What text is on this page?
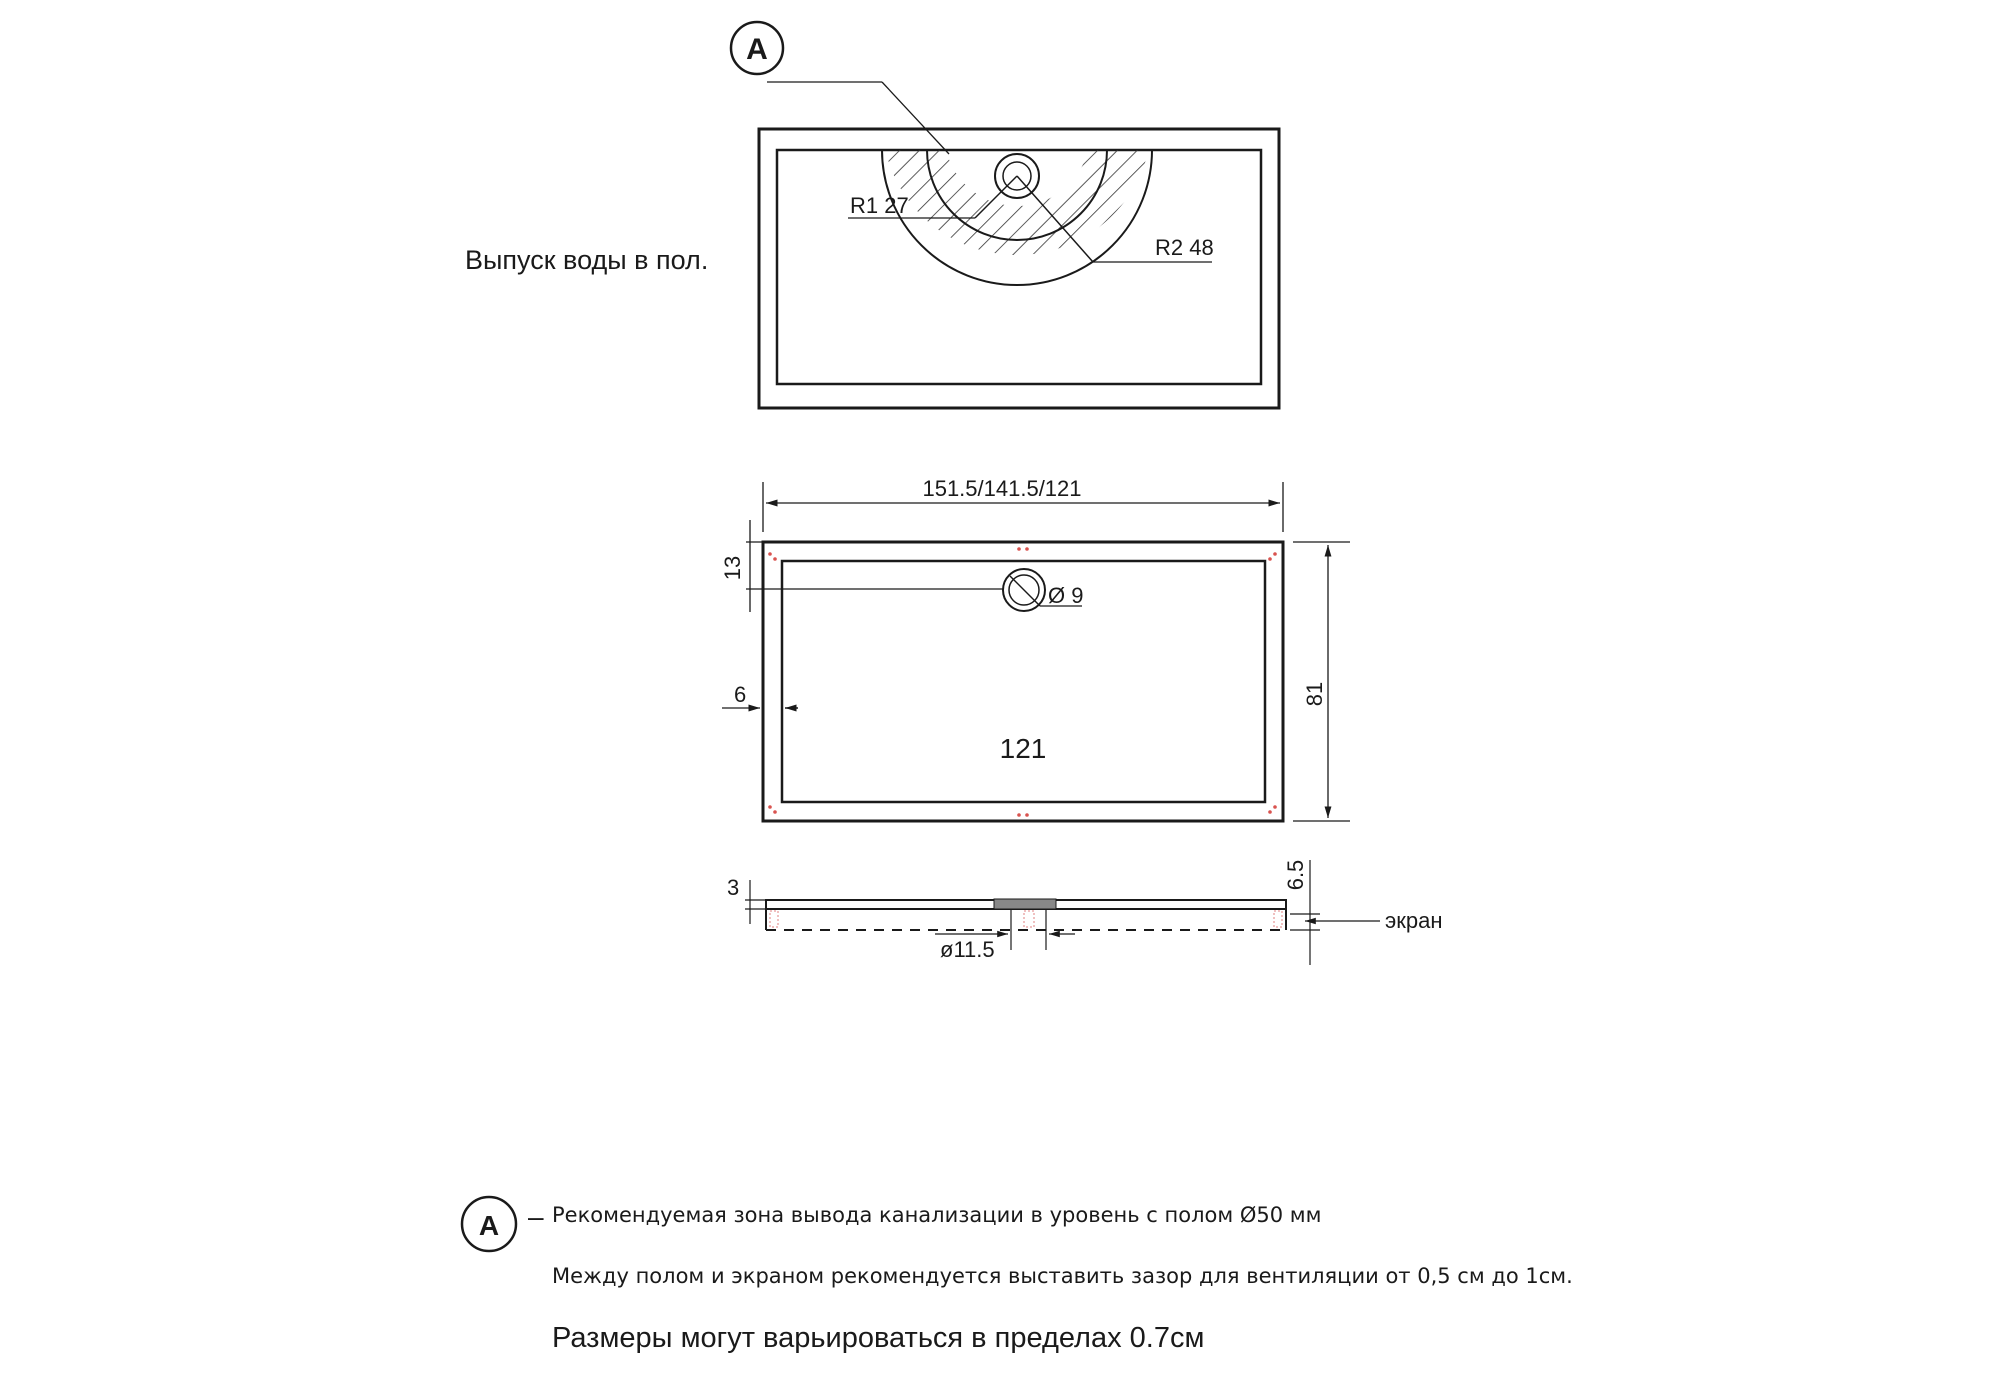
R1 27
R2 48
A
151.5/141.5/121
Ø 9
13
6
121
81
3	6.5
экран
ø11.5
A –
Выпуск воды в пол.
Рекомендуемая зона вывода канализации в уровень с полом Ø50 мм
Между полом и экраном рекомендуется выставить зазор для вентиляции от 0,5 см до 1см.
Размеры могут варьироваться в пределах 0.7см
